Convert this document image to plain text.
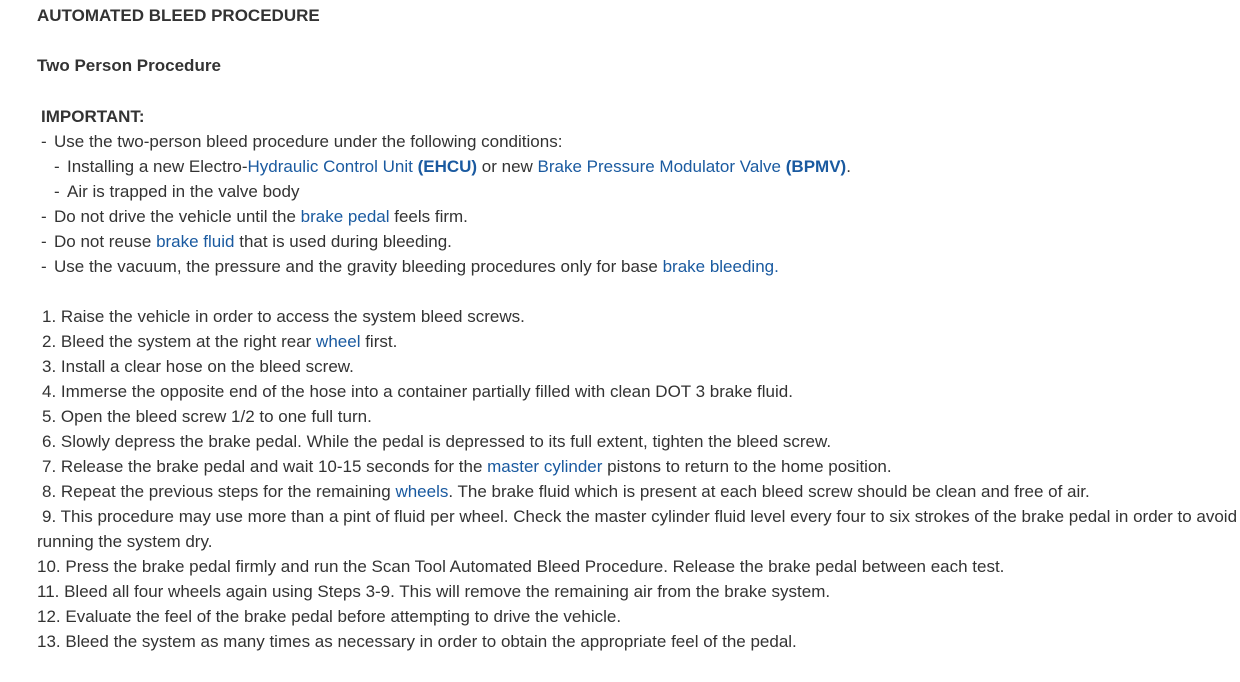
AUTOMATED BLEED PROCEDURE
Two Person Procedure
IMPORTANT:
- Use the two-person bleed procedure under the following conditions:
- Installing a new Electro-Hydraulic Control Unit (EHCU) or new Brake Pressure Modulator Valve (BPMV).
- Air is trapped in the valve body
- Do not drive the vehicle until the brake pedal feels firm.
- Do not reuse brake fluid that is used during bleeding.
- Use the vacuum, the pressure and the gravity bleeding procedures only for base brake bleeding.
1. Raise the vehicle in order to access the system bleed screws.
2. Bleed the system at the right rear wheel first.
3. Install a clear hose on the bleed screw.
4. Immerse the opposite end of the hose into a container partially filled with clean DOT 3 brake fluid.
5. Open the bleed screw 1/2 to one full turn.
6. Slowly depress the brake pedal. While the pedal is depressed to its full extent, tighten the bleed screw.
7. Release the brake pedal and wait 10-15 seconds for the master cylinder pistons to return to the home position.
8. Repeat the previous steps for the remaining wheels. The brake fluid which is present at each bleed screw should be clean and free of air.
9. This procedure may use more than a pint of fluid per wheel. Check the master cylinder fluid level every four to six strokes of the brake pedal in order to avoid running the system dry.
10. Press the brake pedal firmly and run the Scan Tool Automated Bleed Procedure. Release the brake pedal between each test.
11. Bleed all four wheels again using Steps 3-9. This will remove the remaining air from the brake system.
12. Evaluate the feel of the brake pedal before attempting to drive the vehicle.
13. Bleed the system as many times as necessary in order to obtain the appropriate feel of the pedal.
